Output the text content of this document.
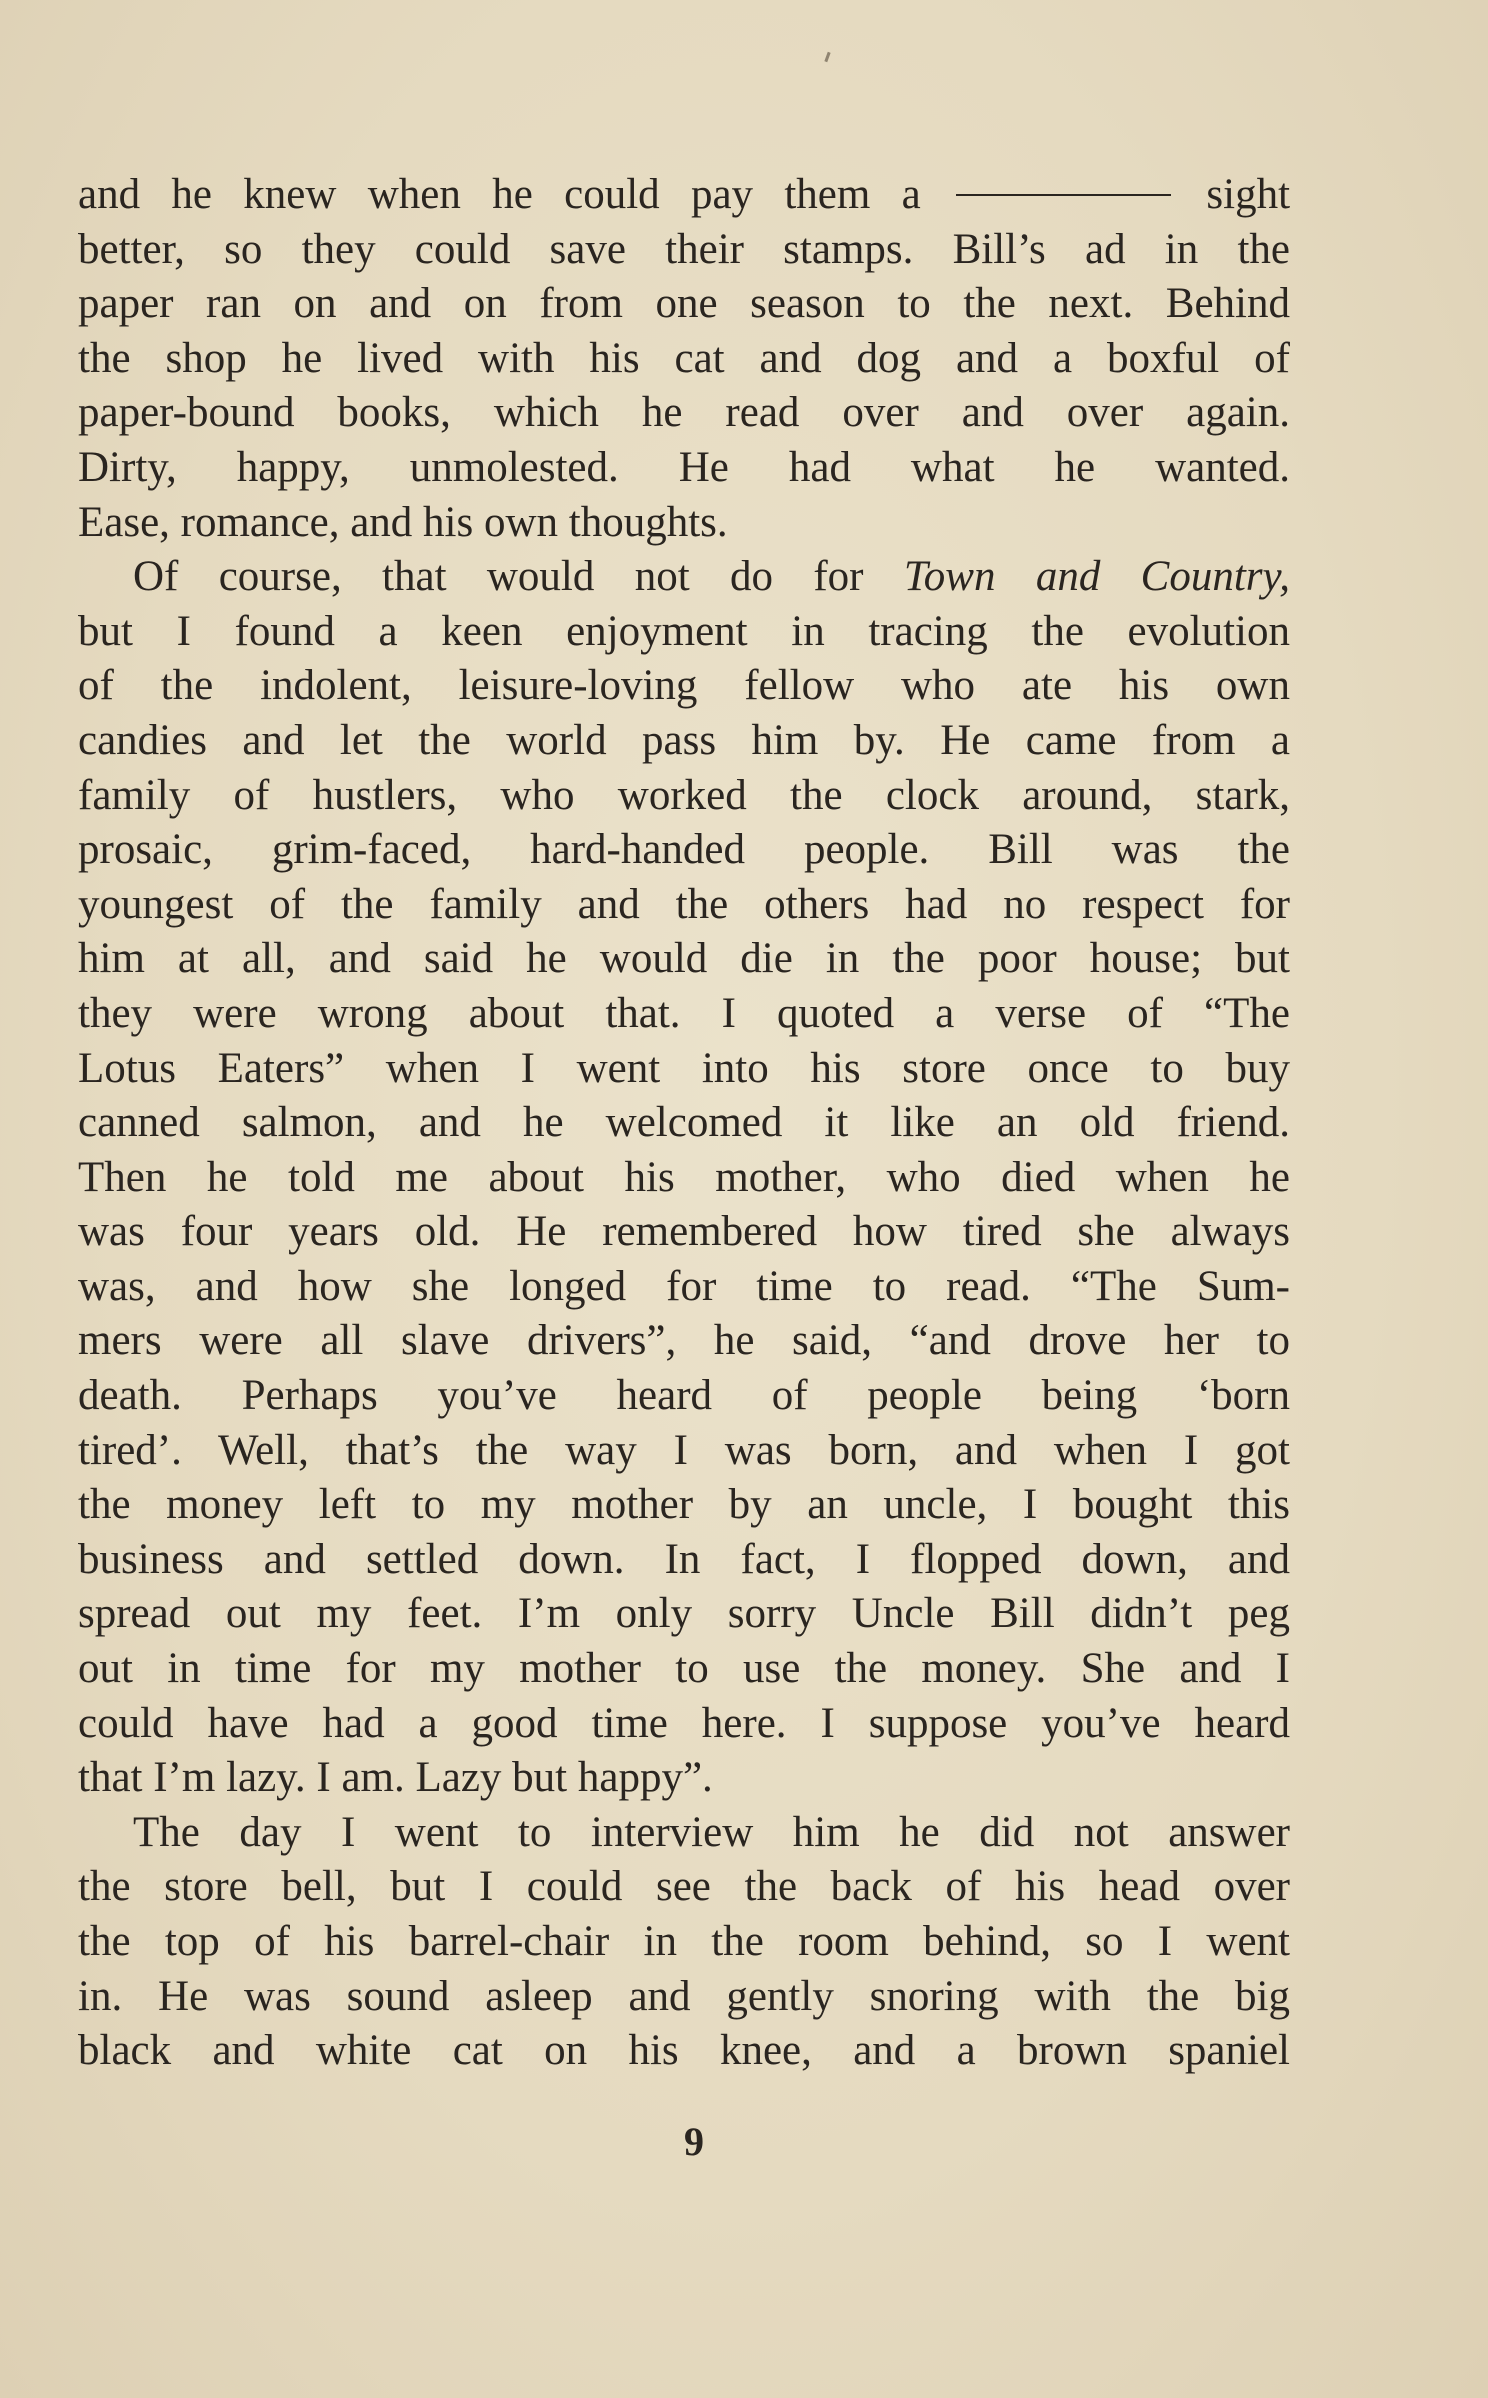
and he knew when he could pay them a	sight
better, so they could save their stamps. Bill’s ad in the
paper ran on and on from one season to the next. Behind
the shop he lived with his cat and dog and a boxful of
paper-bound books, which he read over and over again.
Dirty, happy, unmolested. He had what he wanted.
Ease, romance, and his own thoughts.
Of course, that would not do for Town and Country,
but I found a keen enjoyment in tracing the evolution
of the indolent, leisure-loving fellow who ate his own
candies and let the world pass him by. He came from a
family of hustlers, who worked the clock around, stark,
prosaic, grim-faced, hard-handed people. Bill was the
youngest of the family and the others had no respect for
him at all, and said he would die in the poor house; but
they were wrong about that. I quoted a verse of “The
Lotus Eaters” when I went into his store once to buy
canned salmon, and he welcomed it like an old friend.
Then he told me about his mother, who died when he
was four years old. He remembered how tired she always
was, and how she longed for time to read. “The Sum-
mers were all slave drivers”, he said, “and drove her to
death. Perhaps you’ve heard of people being ‘born
tired’. Well, that’s the way I was born, and when I got
the money left to my mother by an uncle, I bought this
business and settled down. In fact, I flopped down, and
spread out my feet. I’m only sorry Uncle Bill didn’t peg
out in time for my mother to use the money. She and I
could have had a good time here. I suppose you’ve heard
that I’m lazy. I am. Lazy but happy”.
The day I went to interview him he did not answer
the store bell, but I could see the back of his head over
the top of his barrel-chair in the room behind, so I went
in. He was sound asleep and gently snoring with the big
black and white cat on his knee, and a brown spaniel
9
